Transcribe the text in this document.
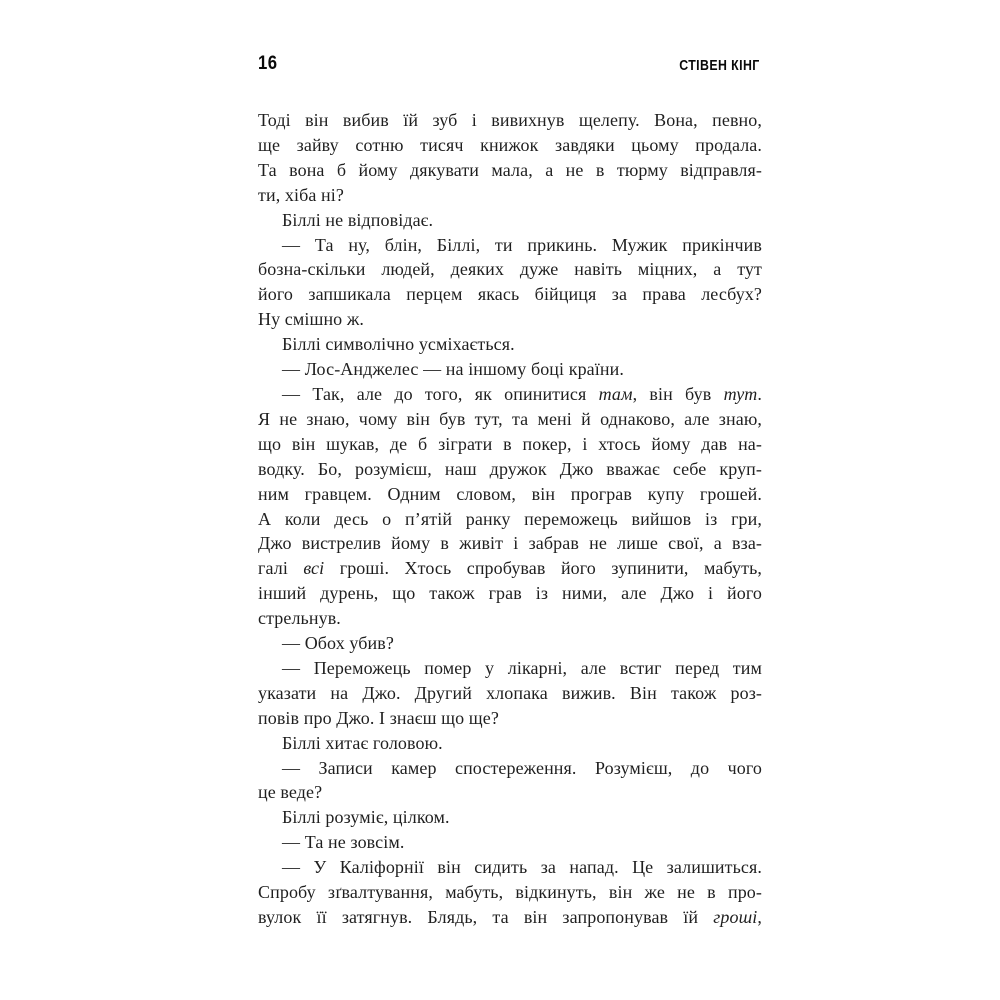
16	СТІВЕН КІНГ
Тоді він вибив їй зуб і вивихнув щелепу. Вона, певно,
ще зайву сотню тисяч книжок завдяки цьому продала.
Та вона б йому дякувати мала, а не в тюрму відправля-
ти, хіба ні?
Біллі не відповідає.
— Та ну, блін, Біллі, ти прикинь. Мужик прикінчив
бозна-скільки людей, деяких дуже навіть міцних, а тут
його запшикала перцем якась бійциця за права лесбух?
Ну смішно ж.
Біллі символічно усміхається.
— Лос-Анджелес — на іншому боці країни.
— Так, але до того, як опинитися там, він був тут.
Я не знаю, чому він був тут, та мені й однаково, але знаю,
що він шукав, де б зіграти в покер, і хтось йому дав на-
водку. Бо, розумієш, наш дружок Джо вважає себе круп-
ним гравцем. Одним словом, він програв купу грошей.
А коли десь о п’ятій ранку переможець вийшов із гри,
Джо вистрелив йому в живіт і забрав не лише свої, а вза-
галі всі гроші. Хтось спробував його зупинити, мабуть,
інший дурень, що також грав із ними, але Джо і його
стрельнув.
— Обох убив?
— Переможець помер у лікарні, але встиг перед тим
указати на Джо. Другий хлопака вижив. Він також роз-
повів про Джо. І знаєш що ще?
Біллі хитає головою.
— Записи камер спостереження. Розумієш, до чого
це веде?
Біллі розуміє, цілком.
— Та не зовсім.
— У Каліфорнії він сидить за напад. Це залишиться.
Спробу зґвалтування, мабуть, відкинуть, він же не в про-
вулок її затягнув. Блядь, та він запропонував їй гроші,
